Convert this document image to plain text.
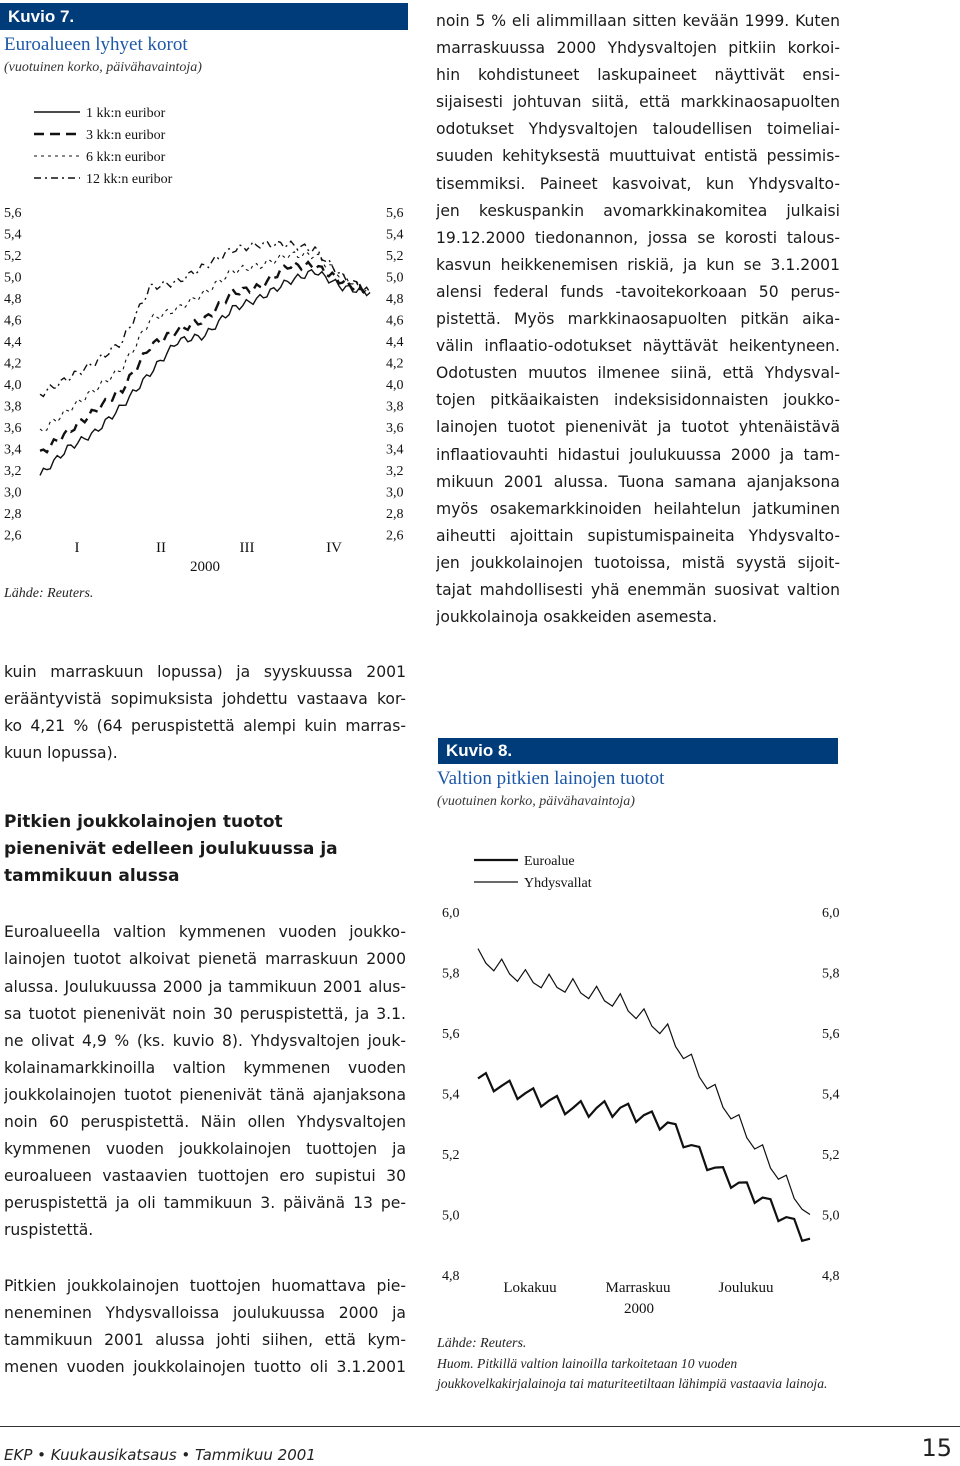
Kuvio 7.
Euroalueen lyhyet korot
(vuotuinen korko, päivähavaintoja)
1 kk:n euribor
3 kk:n euribor
6 kk:n euribor
12 kk:n euribor
5,6	5,6
5,4	5,4
5,2	5,2
5,0	5,0
4,8	4,8
4,6	4,6
4,4	4,4
4,2	4,2
4,0	4,0
3,8	3,8
3,6	3,6
3,4	3,4
3,2	3,2
3,0	3,0
2,8	2,8
2,6	2,6
I	II	III	IV
2000
Lähde: Reuters.
noin 5 % eli alimmillaan sitten kevään 1999. Kuten
marraskuussa 2000 Yhdysvaltojen pitkiin korkoi-
hin kohdistuneet laskupaineet näyttivät ensi-
sijaisesti johtuvan siitä, että markkinaosapuolten
odotukset Yhdysvaltojen taloudellisen toimeliai-
suuden kehityksestä muuttuivat entistä pessimis-
tisemmiksi. Paineet kasvoivat, kun Yhdysvalto-
jen keskuspankin avomarkkinakomitea julkaisi
19.12.2000 tiedonannon, jossa se korosti talous-
kasvun heikkenemisen riskiä, ja kun se 3.1.2001
alensi federal funds -tavoitekorkoaan 50 perus-
pistettä. Myös markkinaosapuolten pitkän aika-
välin inflaatio-odotukset näyttävät heikentyneen.
Odotusten muutos ilmenee siinä, että Yhdysval-
tojen pitkäaikaisten indeksisidonnaisten joukko-
lainojen tuotot pienenivät ja tuotot yhtenäistävä
inflaatiovauhti hidastui joulukuussa 2000 ja tam-
mikuun 2001 alussa. Tuona samana ajanjaksona
myös osakemarkkinoiden heilahtelun jatkuminen
aiheutti ajoittain supistumispaineita Yhdysvalto-
jen joukkolainojen tuotoissa, mistä syystä sijoit-
tajat mahdollisesti yhä enemmän suosivat valtion
joukkolainoja osakkeiden asemesta.
kuin marraskuun lopussa) ja syyskuussa 2001
erääntyvistä sopimuksista johdettu vastaava kor-
ko 4,21 % (64 peruspistettä alempi kuin marras-
kuun lopussa).
Pitkien joukkolainojen tuotot
pienenivät edelleen joulukuussa ja
tammikuun alussa
Euroalueella valtion kymmenen vuoden joukko-
lainojen tuotot alkoivat pienetä marraskuun 2000
alussa. Joulukuussa 2000 ja tammikuun 2001 alus-
sa tuotot pienenivät noin 30 peruspistettä, ja 3.1.
ne olivat 4,9 % (ks. kuvio 8). Yhdysvaltojen jouk-
kolainamarkkinoilla valtion kymmenen vuoden
joukkolainojen tuotot pienenivät tänä ajanjaksona
noin 60 peruspistettä. Näin ollen Yhdysvaltojen
kymmenen vuoden joukkolainojen tuottojen ja
euroalueen vastaavien tuottojen ero supistui 30
peruspistettä ja oli tammikuun 3. päivänä 13 pe-
ruspistettä.
Pitkien joukkolainojen tuottojen huomattava pie-
neneminen Yhdysvalloissa joulukuussa 2000 ja
tammikuun 2001 alussa johti siihen, että kym-
menen vuoden joukkolainojen tuotto oli 3.1.2001
Kuvio 8.
Valtion pitkien lainojen tuotot
(vuotuinen korko, päivähavaintoja)
Euroalue
Yhdysvallat
6,0	6,0
5,8	5,8
5,6	5,6
5,4	5,4
5,2	5,2
5,0	5,0
4,8	4,8
Lokakuu	Marraskuu	Joulukuu
2000
Lähde: Reuters.
Huom. Pitkillä valtion lainoilla tarkoitetaan 10 vuoden joukkovelkakirjalainoja tai maturiteetiltaan lähimpiä vastaavia lainoja.
EKP • Kuukausikatsaus • Tammikuu 2001	15
